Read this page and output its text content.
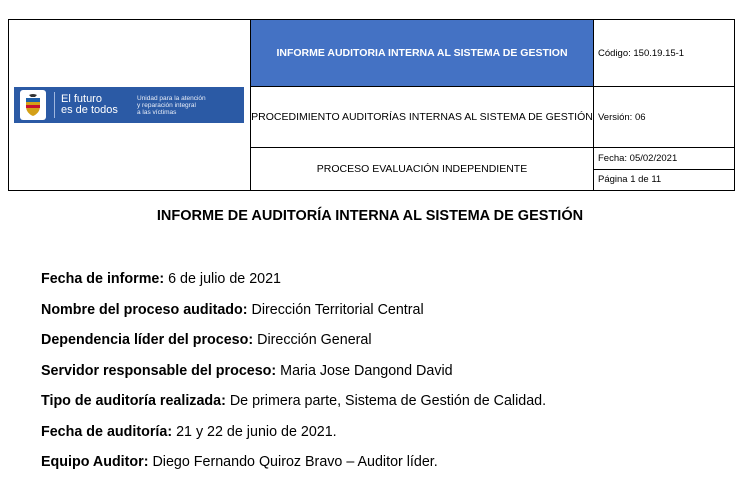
El futuro
es de todos
Unidad para la atención
y reparación integral
a las víctimas	INFORME AUDITORIA INTERNA AL SISTEMA DE GESTION	Código: 150.19.15-1
	PROCEDIMIENTO AUDITORÍAS INTERNAS AL SISTEMA DE GESTIÓN	Versión: 06
	PROCESO EVALUACIÓN INDEPENDIENTE	Fecha: 05/02/2021
Página 1 de 11
INFORME DE AUDITORÍA INTERNA AL SISTEMA DE GESTIÓN
Fecha de informe: 6 de julio de 2021
Nombre del proceso auditado: Dirección Territorial Central
Dependencia líder del proceso: Dirección General
Servidor responsable del proceso: Maria Jose Dangond David
Tipo de auditoría realizada: De primera parte, Sistema de Gestión de Calidad.
Fecha de auditoría: 21 y 22 de junio de 2021.
Equipo Auditor: Diego Fernando Quiroz Bravo – Auditor líder.
